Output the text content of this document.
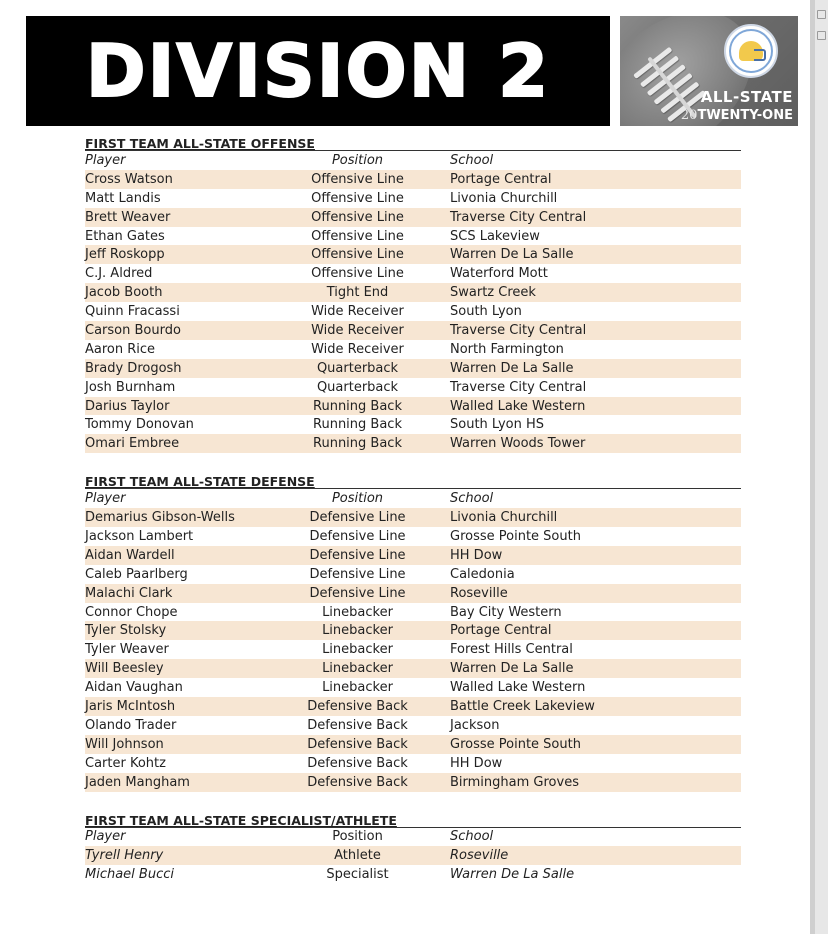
DIVISION 2	ALL-STATE
20TWENTY-ONE
FIRST TEAM ALL-STATE OFFENSE
Player	Position	School
Cross Watson	Offensive Line	Portage Central
Matt Landis	Offensive Line	Livonia Churchill
Brett Weaver	Offensive Line	Traverse City Central
Ethan Gates	Offensive Line	SCS Lakeview
Jeff Roskopp	Offensive Line	Warren De La Salle
C.J. Aldred	Offensive Line	Waterford Mott
Jacob Booth	Tight End	Swartz Creek
Quinn Fracassi	Wide Receiver	South Lyon
Carson Bourdo	Wide Receiver	Traverse City Central
Aaron Rice	Wide Receiver	North Farmington
Brady Drogosh	Quarterback	Warren De La Salle
Josh Burnham	Quarterback	Traverse City Central
Darius Taylor	Running Back	Walled Lake Western
Tommy Donovan	Running Back	South Lyon HS
Omari Embree	Running Back	Warren Woods Tower
FIRST TEAM ALL-STATE DEFENSE
Player	Position	School
Demarius Gibson-Wells	Defensive Line	Livonia Churchill
Jackson Lambert	Defensive Line	Grosse Pointe South
Aidan Wardell	Defensive Line	HH Dow
Caleb Paarlberg	Defensive Line	Caledonia
Malachi Clark	Defensive Line	Roseville
Connor Chope	Linebacker	Bay City Western
Tyler Stolsky	Linebacker	Portage Central
Tyler Weaver	Linebacker	Forest Hills Central
Will Beesley	Linebacker	Warren De La Salle
Aidan Vaughan	Linebacker	Walled Lake Western
Jaris McIntosh	Defensive Back	Battle Creek Lakeview
Olando Trader	Defensive Back	Jackson
Will Johnson	Defensive Back	Grosse Pointe South
Carter Kohtz	Defensive Back	HH Dow
Jaden Mangham	Defensive Back	Birmingham Groves
FIRST TEAM ALL-STATE SPECIALIST/ATHLETE
Player	Position	School
Tyrell Henry	Athlete	Roseville
Michael Bucci	Specialist	Warren De La Salle
